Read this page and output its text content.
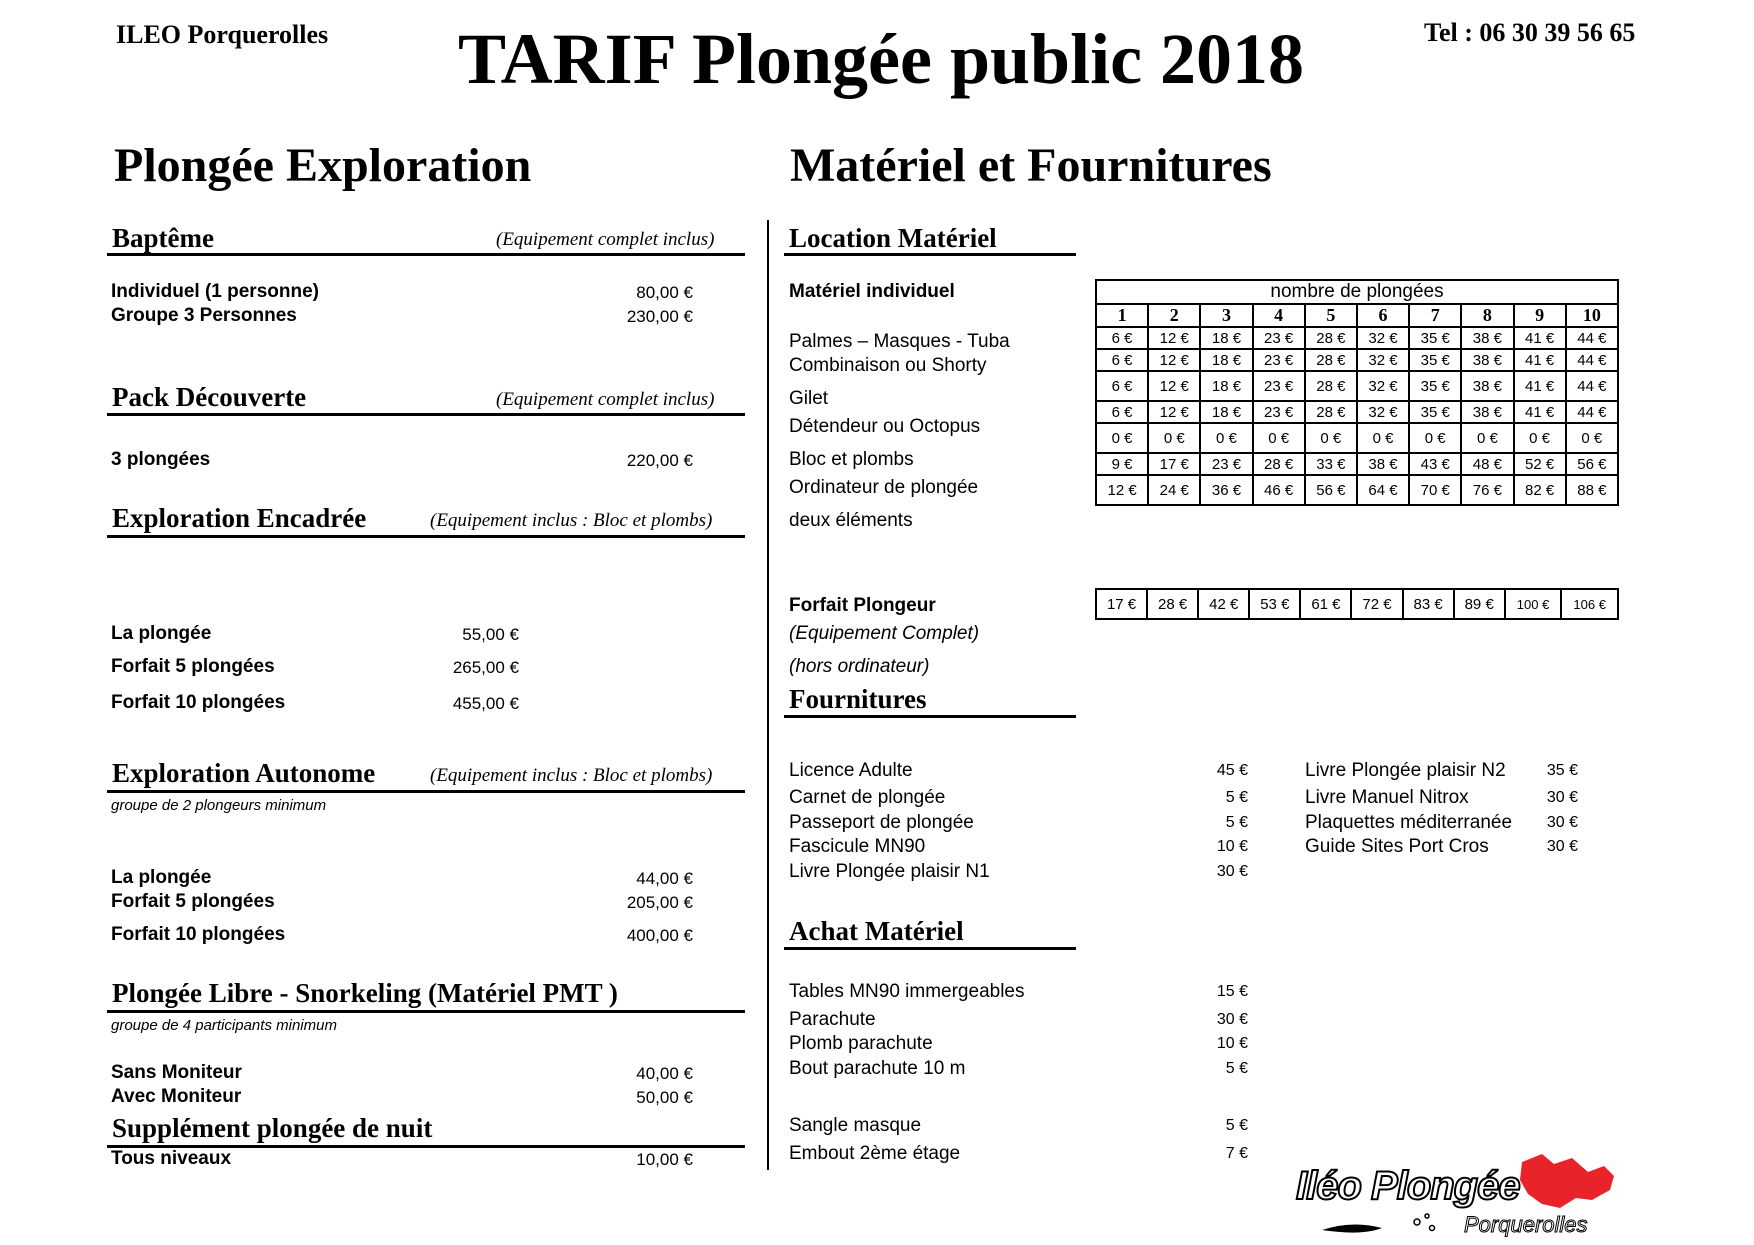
ILEO Porquerolles TARIF Plongée public 2018	Tel : 06 30 39 56 65
Plongée Exploration	Matériel et Fournitures
Baptême	(Equipement complet inclus)
Individuel (1 personne)	80,00 €
Groupe 3 Personnes	230,00 €
Pack Découverte	(Equipement complet inclus)
3 plongées	220,00 €
Exploration Encadrée	(Equipement inclus : Bloc et plombs)
La plongée	55,00 €
Forfait 5 plongées	265,00 €
Forfait 10 plongées	455,00 €
Exploration Autonome	(Equipement inclus : Bloc et plombs)
groupe de 2 plongeurs minimum
La plongée	44,00 €
Forfait 5 plongées	205,00 €
Forfait 10 plongées	400,00 €
Plongée Libre - Snorkeling (Matériel PMT )
groupe de 4 participants minimum
Sans Moniteur	40,00 €
Avec Moniteur	50,00 €
Supplément plongée de nuit
Tous niveaux	10,00 €
Location Matériel
Matériel individuel
Palmes – Masques - Tuba
Combinaison ou Shorty
Gilet
Détendeur ou Octopus
Bloc et plombs
Ordinateur de plongée
deux éléments
nombre de plongées
1	2	3	4	5	6	7	8	9	10
6 €	12 €	18 €	23 €	28 €	32 €	35 €	38 €	41 €	44 €
6 €	12 €	18 €	23 €	28 €	32 €	35 €	38 €	41 €	44 €
6 €	12 €	18 €	23 €	28 €	32 €	35 €	38 €	41 €	44 €
6 €	12 €	18 €	23 €	28 €	32 €	35 €	38 €	41 €	44 €
0 €	0 €	0 €	0 €	0 €	0 €	0 €	0 €	0 €	0 €
9 €	17 €	23 €	28 €	33 €	38 €	43 €	48 €	52 €	56 €
12 €	24 €	36 €	46 €	56 €	64 €	70 €	76 €	82 €	88 €
Forfait Plongeur
(Equipement Complet)
(hors ordinateur)
17 €	28 €	42 €	53 €	61 €	72 €	83 €	89 €	100 €	106 €
Fournitures
Licence Adulte	45 €
Carnet de plongée	5 €
Passeport de plongée	5 €
Fascicule MN90	10 €
Livre Plongée plaisir N1	30 €
Livre Plongée plaisir N2	35 €
Livre Manuel Nitrox	30 €
Plaquettes méditerranée	30 €
Guide Sites Port Cros	30 €
Achat Matériel
Tables MN90 immergeables	15 €
Parachute	30 €
Plomb parachute	10 €
Bout parachute 10 m	5 €
Sangle masque	5 €
Embout 2ème étage	7 €
Iléo Plongée
Porquerolles
